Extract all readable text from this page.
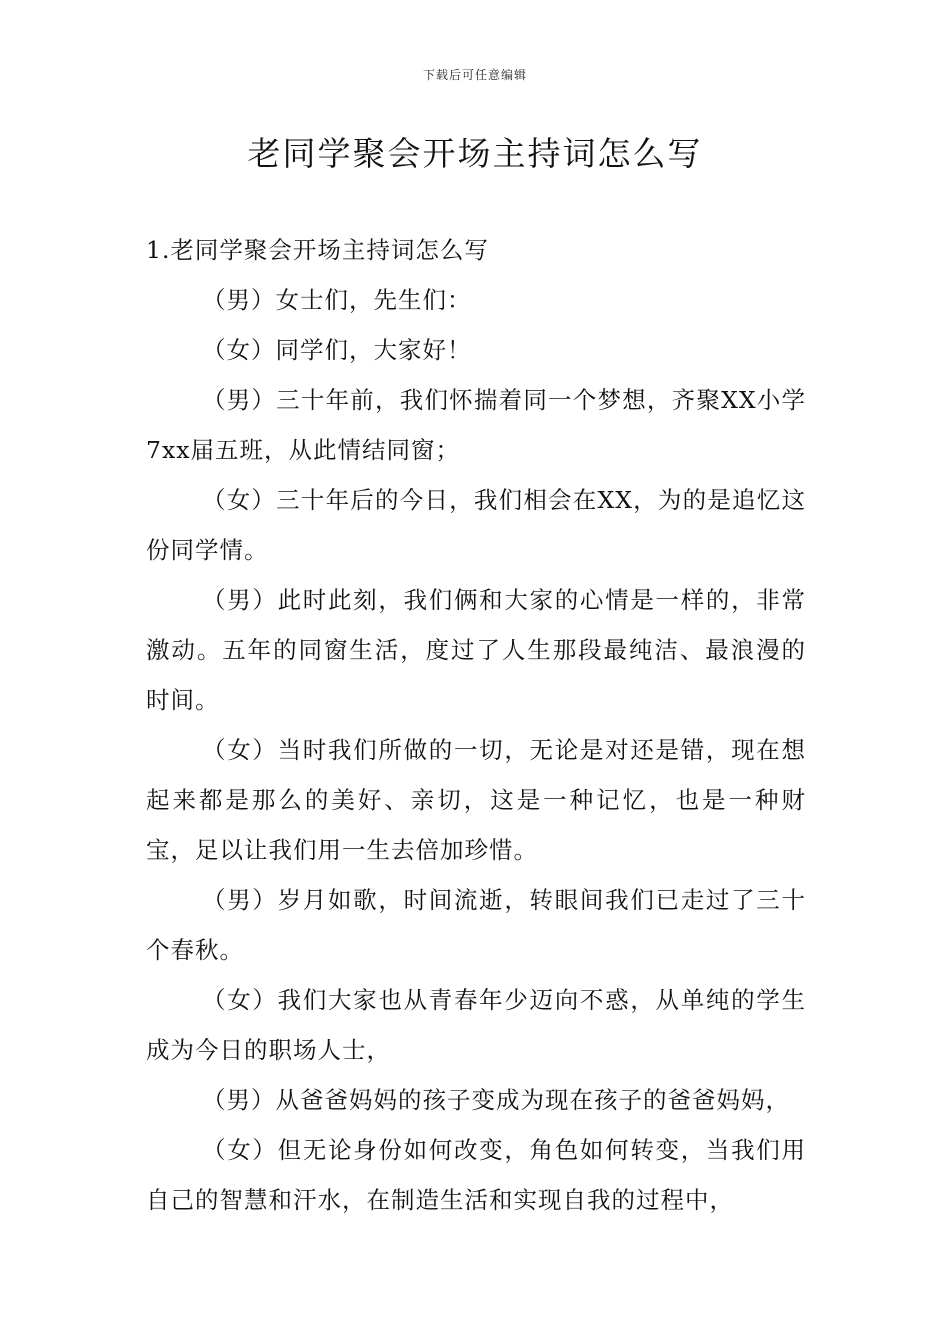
下载后可任意编辑
老同学聚会开场主持词怎么写

1.老同学聚会开场主持词怎么写

（男）女士们，先生们：

（女）同学们，大家好！

（男）三十年前，我们怀揣着同一个梦想，齐聚XX小学7xx届五班，从此情结同窗；

（女）三十年后的今日，我们相会在XX，为的是追忆这份同学情。

（男）此时此刻，我们俩和大家的心情是一样的，非常激动。五年的同窗生活，度过了人生那段最纯洁、最浪漫的时间。

（女）当时我们所做的一切，无论是对还是错，现在想起来都是那么的美好、亲切，这是一种记忆，也是一种财宝，足以让我们用一生去倍加珍惜。

（男）岁月如歌，时间流逝，转眼间我们已走过了三十个春秋。

（女）我们大家也从青春年少迈向不惑，从单纯的学生成为今日的职场人士，

（男）从爸爸妈妈的孩子变成为现在孩子的爸爸妈妈，

（女）但无论身份如何改变，角色如何转变，当我们用自己的智慧和汗水，在制造生活和实现自我的过程中，
